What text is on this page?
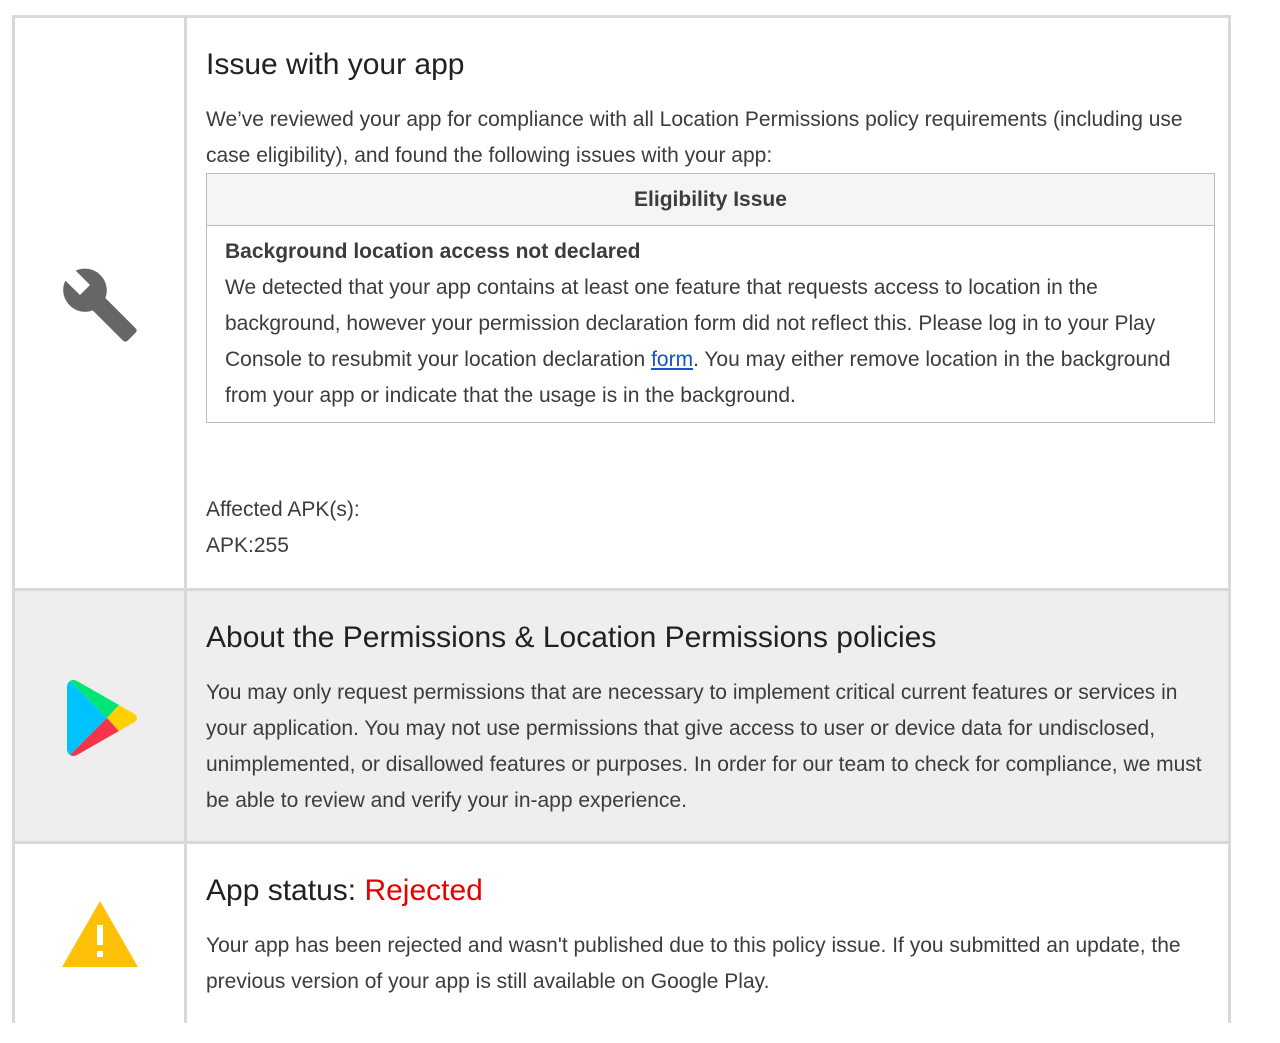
Issue with your app

We’ve reviewed your app for compliance with all Location Permissions policy requirements (including use case eligibility), and found the following issues with your app:

Eligibility Issue
Background location access not declared

We detected that your app contains at least one feature that requests access to location in the background, however your permission declaration form did not reflect this. Please log in to your Play Console to resubmit your location declaration form. You may either remove location in the background from your app or indicate that the usage is in the background.

Affected APK(s):

APK:255

About the Permissions & Location Permissions policies

You may only request permissions that are necessary to implement critical current features or services in your application. You may not use permissions that give access to user or device data for undisclosed, unimplemented, or disallowed features or purposes. In order for our team to check for compliance, we must be able to review and verify your in-app experience.

App status: Rejected

Your app has been rejected and wasn't published due to this policy issue. If you submitted an update, the previous version of your app is still available on Google Play.
